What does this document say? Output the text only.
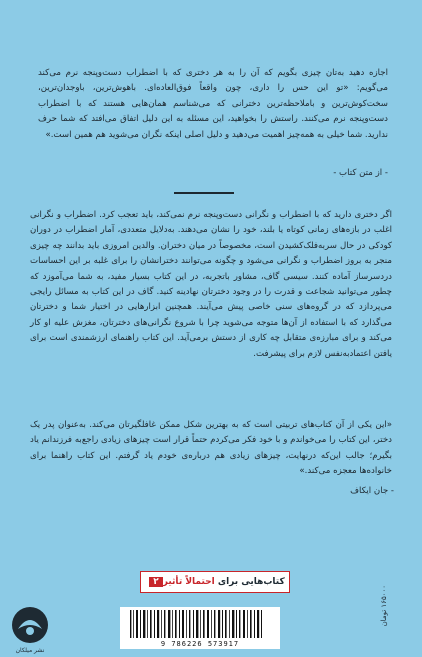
اجازه دهید به‌تان چیزی بگویم که آن را به هر دختری که با اضطراب دست‌وپنجه نرم می‌کند می‌گویم: «تو این حس را داری، چون واقعاً فوق‌العاده‌ای. باهوش‌ترین، باوجدان‌ترین، سخت‌کوش‌ترین و باملاحظه‌ترین دخترانی که می‌شناسم همان‌هایی هستند که با اضطراب دست‌وپنجه نرم می‌کنند. راستش را بخواهید، این مسئله به این دلیل اتفاق می‌افتد که شما حرف ندارید. شما خیلی به همه‌چیز اهمیت می‌دهید و دلیل اصلی اینکه نگران می‌شوید هم همین است.»
- از متن کتاب -
اگر دختری دارید که با اضطراب و نگرانی دست‌وپنجه نرم نمی‌کند، باید تعجب کرد. اضطراب و نگرانی اغلب در بازه‌های زمانی کوتاه یا بلند، خود را نشان می‌دهند. به‌دلایل متعددی، آمار اضطراب در دوران کودکی در حال سربه‌فلک‌کشیدن است، مخصوصاً در میان دختران. والدین امروزی باید بدانند چه چیزی منجر به بروز اضطراب و نگرانی می‌شود و چگونه می‌توانند دخترانشان را برای غلبه بر این احساسات دردسرساز آماده کنند. سیسی گاف، مشاور باتجربه، در این کتاب بسیار مفید، به شما می‌آموزد که چطور می‌توانید شجاعت و قدرت را در وجود دخترتان نهادینه کنید. گاف در این کتاب به مسائل رایجی می‌پردازد که در گروه‌های سنی خاصی پیش می‌آیند. همچنین ابزارهایی در اختیار شما و دخترتان می‌گذارد که با استفاده از آن‌ها متوجه می‌شوید چرا با شروع نگرانی‌های دخترتان، مغزش علیه او کار می‌کند و برای مبارزه‌ی متقابل چه کاری از دستش برمی‌آید. این کتاب راهنمای ارزشمندی است برای یافتن اعتمادبه‌نفس لازم برای پیشرفت.
«این یکی از آن کتاب‌های تربیتی است که به بهترین شکل ممکن غافلگیرتان می‌کند. به‌عنوان پدر یک دختر، این کتاب را می‌خواندم و با خود فکر می‌کردم حتماً قرار است چیزهای زیادی راجع‌به فرزندانم یاد بگیرم؛ جالب این‌که درنهایت، چیزهای زیادی هم درباره‌ی خودم یاد گرفتم. این کتاب راهنما برای خانواده‌ها معجزه می‌کند.»
- جان ایکاف
کتاب‌هایی برای

احتمالاً تأثیر
۲
نشر میلکان
9 786226 573917
۱۶۵۰۰۰ تومان
